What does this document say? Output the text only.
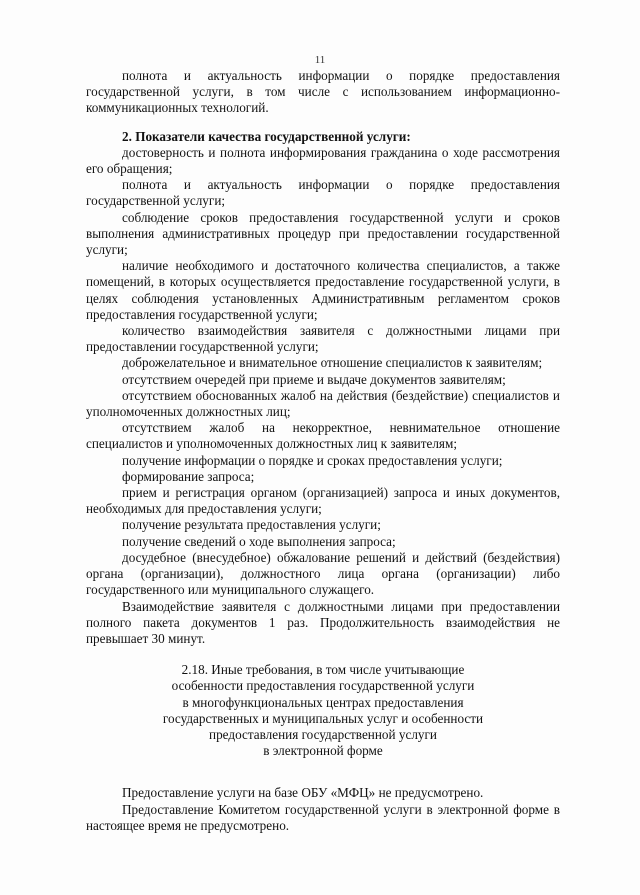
11

полнота и актуальность информации о порядке предоставления государственной услуги, в том числе с использованием информационно-коммуникационных технологий.

2. Показатели качества государственной услуги:

достоверность и полнота информирования гражданина о ходе рассмотрения его обращения;

полнота и актуальность информации о порядке предоставления государственной услуги;

соблюдение сроков предоставления государственной услуги и сроков выполнения административных процедур при предоставлении государственной услуги;

наличие необходимого и достаточного количества специалистов, а также помещений, в которых осуществляется предоставление государственной услуги, в целях соблюдения установленных Административным регламентом сроков предоставления государственной услуги;

количество взаимодействия заявителя с должностными лицами при предоставлении государственной услуги;

доброжелательное и внимательное отношение специалистов к заявителям;

отсутствием очередей при приеме и выдаче документов заявителям;

отсутствием обоснованных жалоб на действия (бездействие) специалистов и уполномоченных должностных лиц;

отсутствием жалоб на некорректное, невнимательное отношение специалистов и уполномоченных должностных лиц к заявителям;

получение информации о порядке и сроках предоставления услуги;

формирование запроса;

прием и регистрация органом (организацией) запроса и иных документов, необходимых для предоставления услуги;

получение результата предоставления услуги;

получение сведений о ходе выполнения запроса;

досудебное (внесудебное) обжалование решений и действий (бездействия) органа (организации), должностного лица органа (организации) либо государственного или муниципального служащего.

Взаимодействие заявителя с должностными лицами при предоставлении полного пакета документов 1 раз. Продолжительность взаимодействия не превышает 30 минут.

2.18. Иные требования, в том числе учитывающие

особенности предоставления государственной услуги

в многофункциональных центрах предоставления

государственных и муниципальных услуг и особенности

предоставления государственной услуги

в электронной форме

Предоставление услуги на базе ОБУ «МФЦ» не предусмотрено.

Предоставление Комитетом государственной услуги в электронной форме в настоящее время не предусмотрено.
